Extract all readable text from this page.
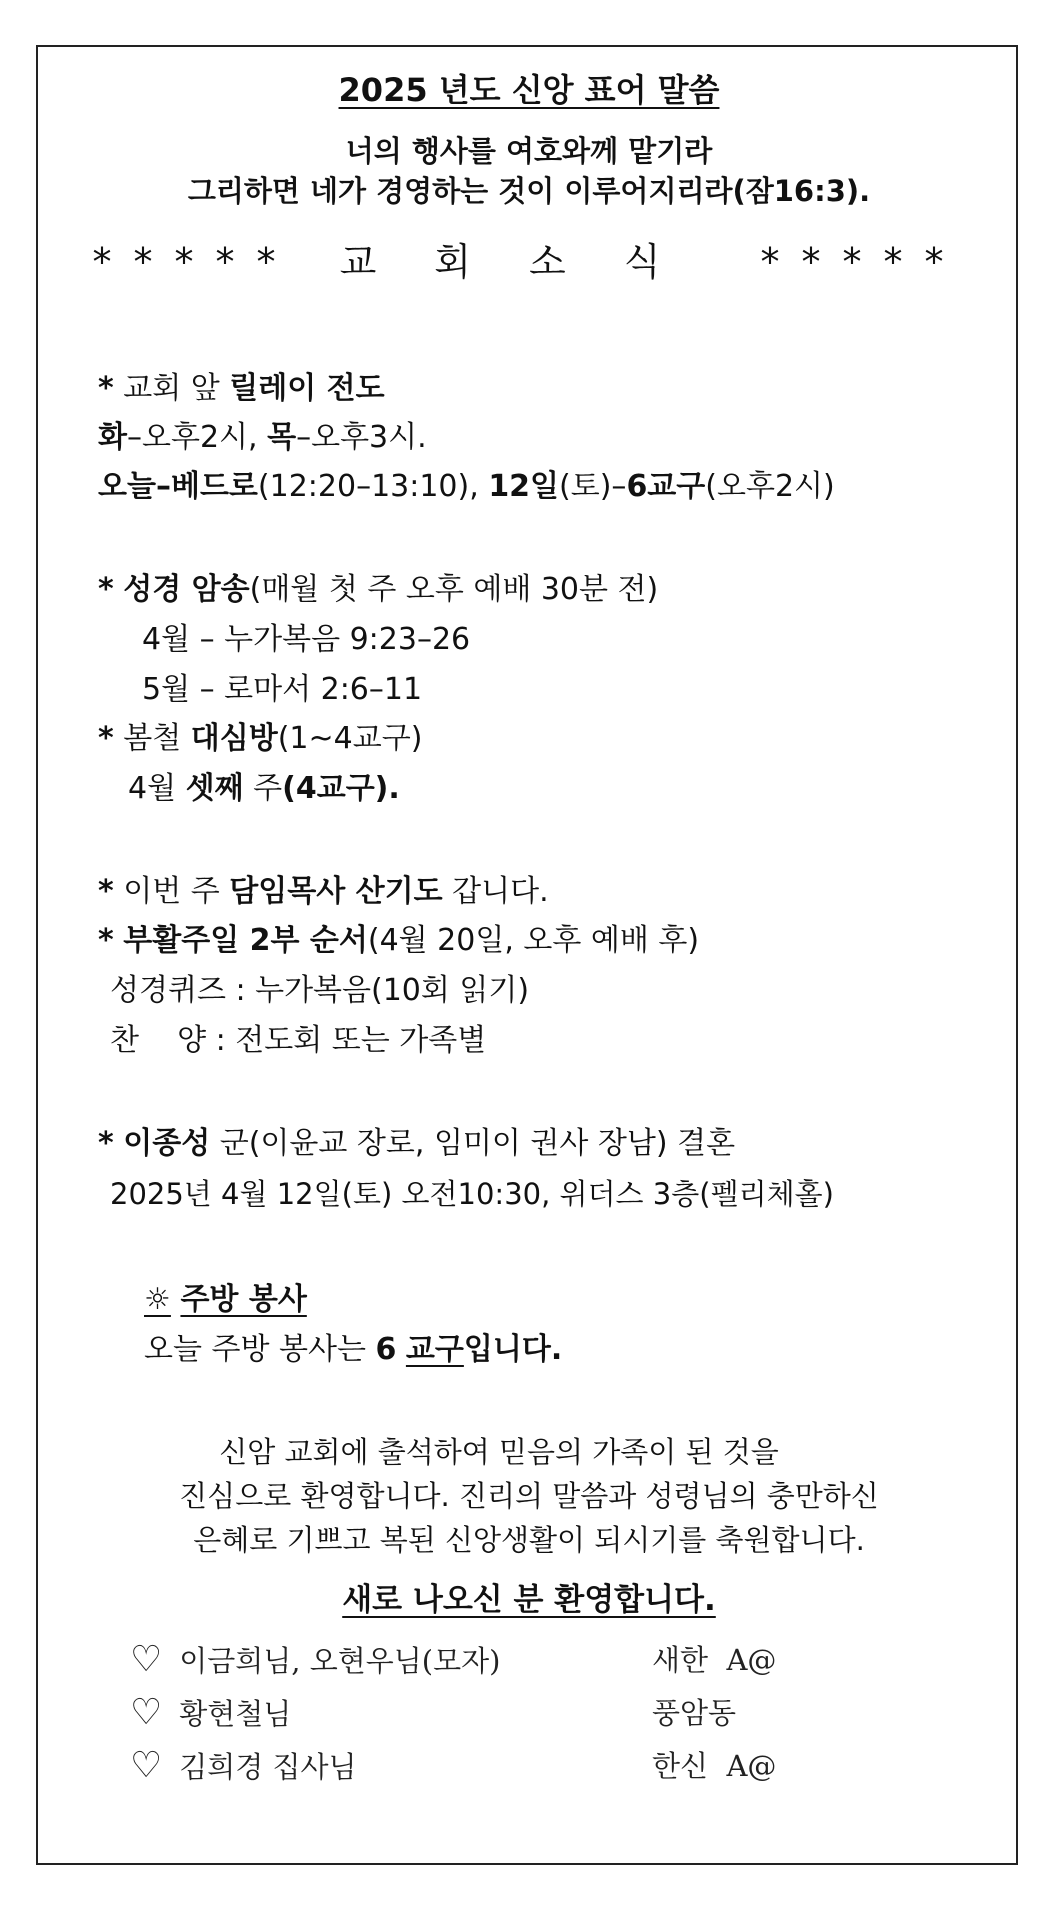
2025 년도 신앙 표어 말씀
너의 행사를 여호와께 맡기라
그리하면 네가 경영하는 것이 이루어지리라(잠16:3).
***** 교회소식 *****
* 교회 앞 릴레이 전도
화–오후2시, 목–오후3시.
오늘–베드로(12:20–13:10), 12일(토)–6교구(오후2시)
* 성경 암송(매월 첫 주 오후 예배 30분 전)
4월 – 누가복음 9:23–26
5월 – 로마서 2:6–11
* 봄철 대심방(1~4교구)
4월 셋째 주(4교구).
* 이번 주 담임목사 산기도 갑니다.
* 부활주일 2부 순서(4월 20일, 오후 예배 후)
성경퀴즈 : 누가복음(10회 읽기)
찬    양 : 전도회 또는 가족별
* 이종성 군(이윤교 장로, 임미이 권사 장남) 결혼
2025년 4월 12일(토) 오전10:30, 위더스 3층(펠리체홀)
☼ 주방 봉사
오늘 주방 봉사는 6 교구입니다.
신암 교회에 출석하여 믿음의 가족이 된 것을
진심으로 환영합니다. 진리의 말씀과 성령님의 충만하신
은혜로 기쁘고 복된 신앙생활이 되시기를 축원합니다.
새로 나오신 분 환영합니다.
♡ 이금희님, 오현우님(모자)	새한  A@
♡ 황현철님	풍암동
♡ 김희경 집사님	한신  A@
